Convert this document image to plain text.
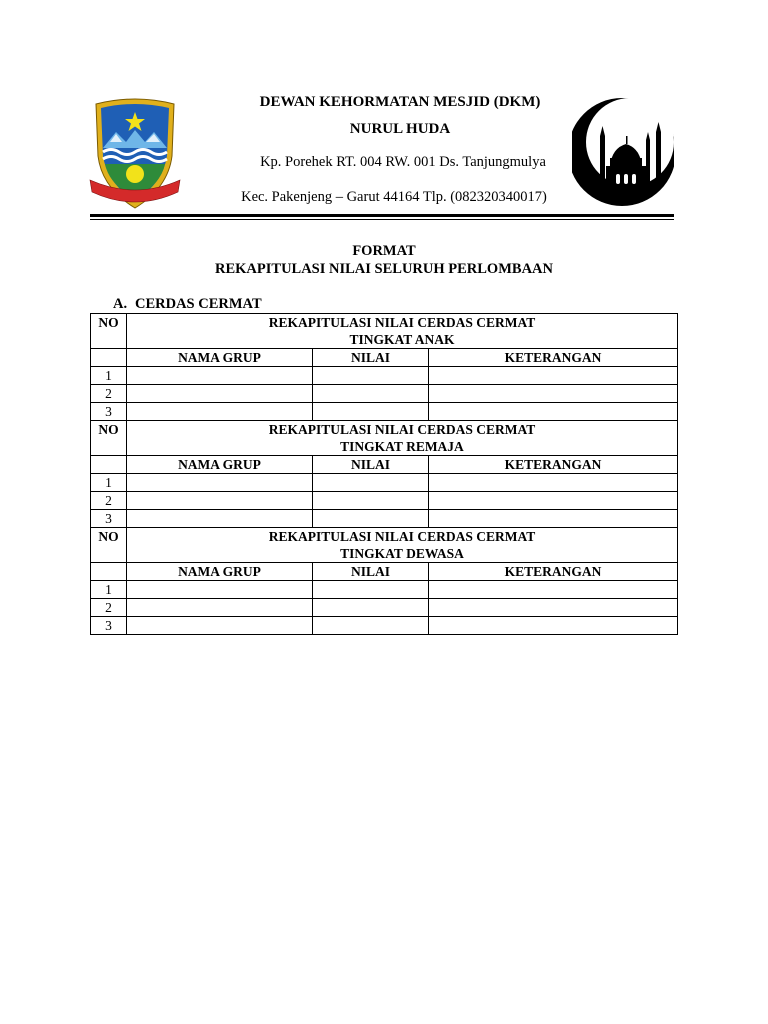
DEWAN KEHORMATAN MESJID (DKM)
NURUL HUDA
Kp. Porehek RT. 004 RW. 001 Ds. Tanjungmulya
Kec. Pakenjeng – Garut 44164 Tlp. (082320340017)
FORMAT
REKAPITULASI NILAI SELURUH PERLOMBAAN
A. CERDAS CERMAT
NO	REKAPITULASI NILAI CERDAS CERMAT
TINGKAT ANAK		

	NAMA GRUP	NILAI	KETERANGAN
1			
2			
3			
NO	REKAPITULASI NILAI CERDAS CERMAT
TINGKAT REMAJA		

	NAMA GRUP	NILAI	KETERANGAN
1			
2			
3			
NO	REKAPITULASI NILAI CERDAS CERMAT
TINGKAT DEWASA		

	NAMA GRUP	NILAI	KETERANGAN
1			
2			
3			
